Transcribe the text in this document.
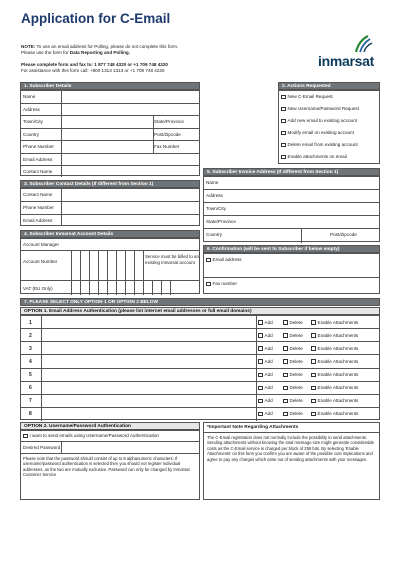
Application for C-Email
NOTE: To use an email address for Polling, please do not complete this form.
Please use the form for Data Reporting and Polling.
Please complete form and fax to: 1 877 748 4320 or +1 709 748 4320
For assistance with this form call: +800 1313 1313 or +1 709 748 4226
inmarsat
1. Subscriber Details
Name
Address
Town/City	State/Province
Country	Post/Zipcode
Phone Number	Fax Number
Email Address
Contact Name
2. Actions Requested
New C-Email Request
New Username/Password Request
Add new email to existing account
Modify email on existing account
Delete email from existing account
Enable attachments on email
5. Subscriber Invoice Address (If different from Section 1)
Name
Address
Town/City
State/Province
Country	Post/Zipcode
3. Subscriber Contact Details (If different from Section 1)
Contact Name
Phone Number
Email Address
4. Subscriber Inmarsat Account Details
Account Manager
Account Number
Service must be billed to an existing Inmarsat account
VAT (EU Only)
6. Confirmation (will be sent to Subscriber if below empty)
Email address
Fax number
7. PLEASE SELECT ONLY OPTION 1 OR OPTION 2 BELOW
OPTION 1. Email Address Authentication (please list internet email addresses or full email domains)
1	Add	Delete	Enable Attachments
2	Add	Delete	Enable Attachments
3	Add	Delete	Enable Attachments
4	Add	Delete	Enable Attachments
5	Add	Delete	Enable Attachments
6	Add	Delete	Enable Attachments
7	Add	Delete	Enable Attachments
8	Add	Delete	Enable Attachments
OPTION 2. Username/Password Authentication
I want to send emails using Username/Password Authentication
Desired Password
Please note that the password should consist of up to 8 alphanumeric characters. If username/password authentication is selected then you should not register individual addresses, as the two are mutually exclusive. Password can only be changed by Inmarsat Customer Service
*Important Note Regarding Attachments
The C-Email registration does not normally include the possibility to send attachments. Sending attachments without knowing the total message size might generate considerable costs as the C-Email service is charged per block of 256 bits. By selecting 'Enable Attachments' on this form you confirm you are aware of the possible cost implications and agree to pay any charges which arise out of sending attachments with your messages.
